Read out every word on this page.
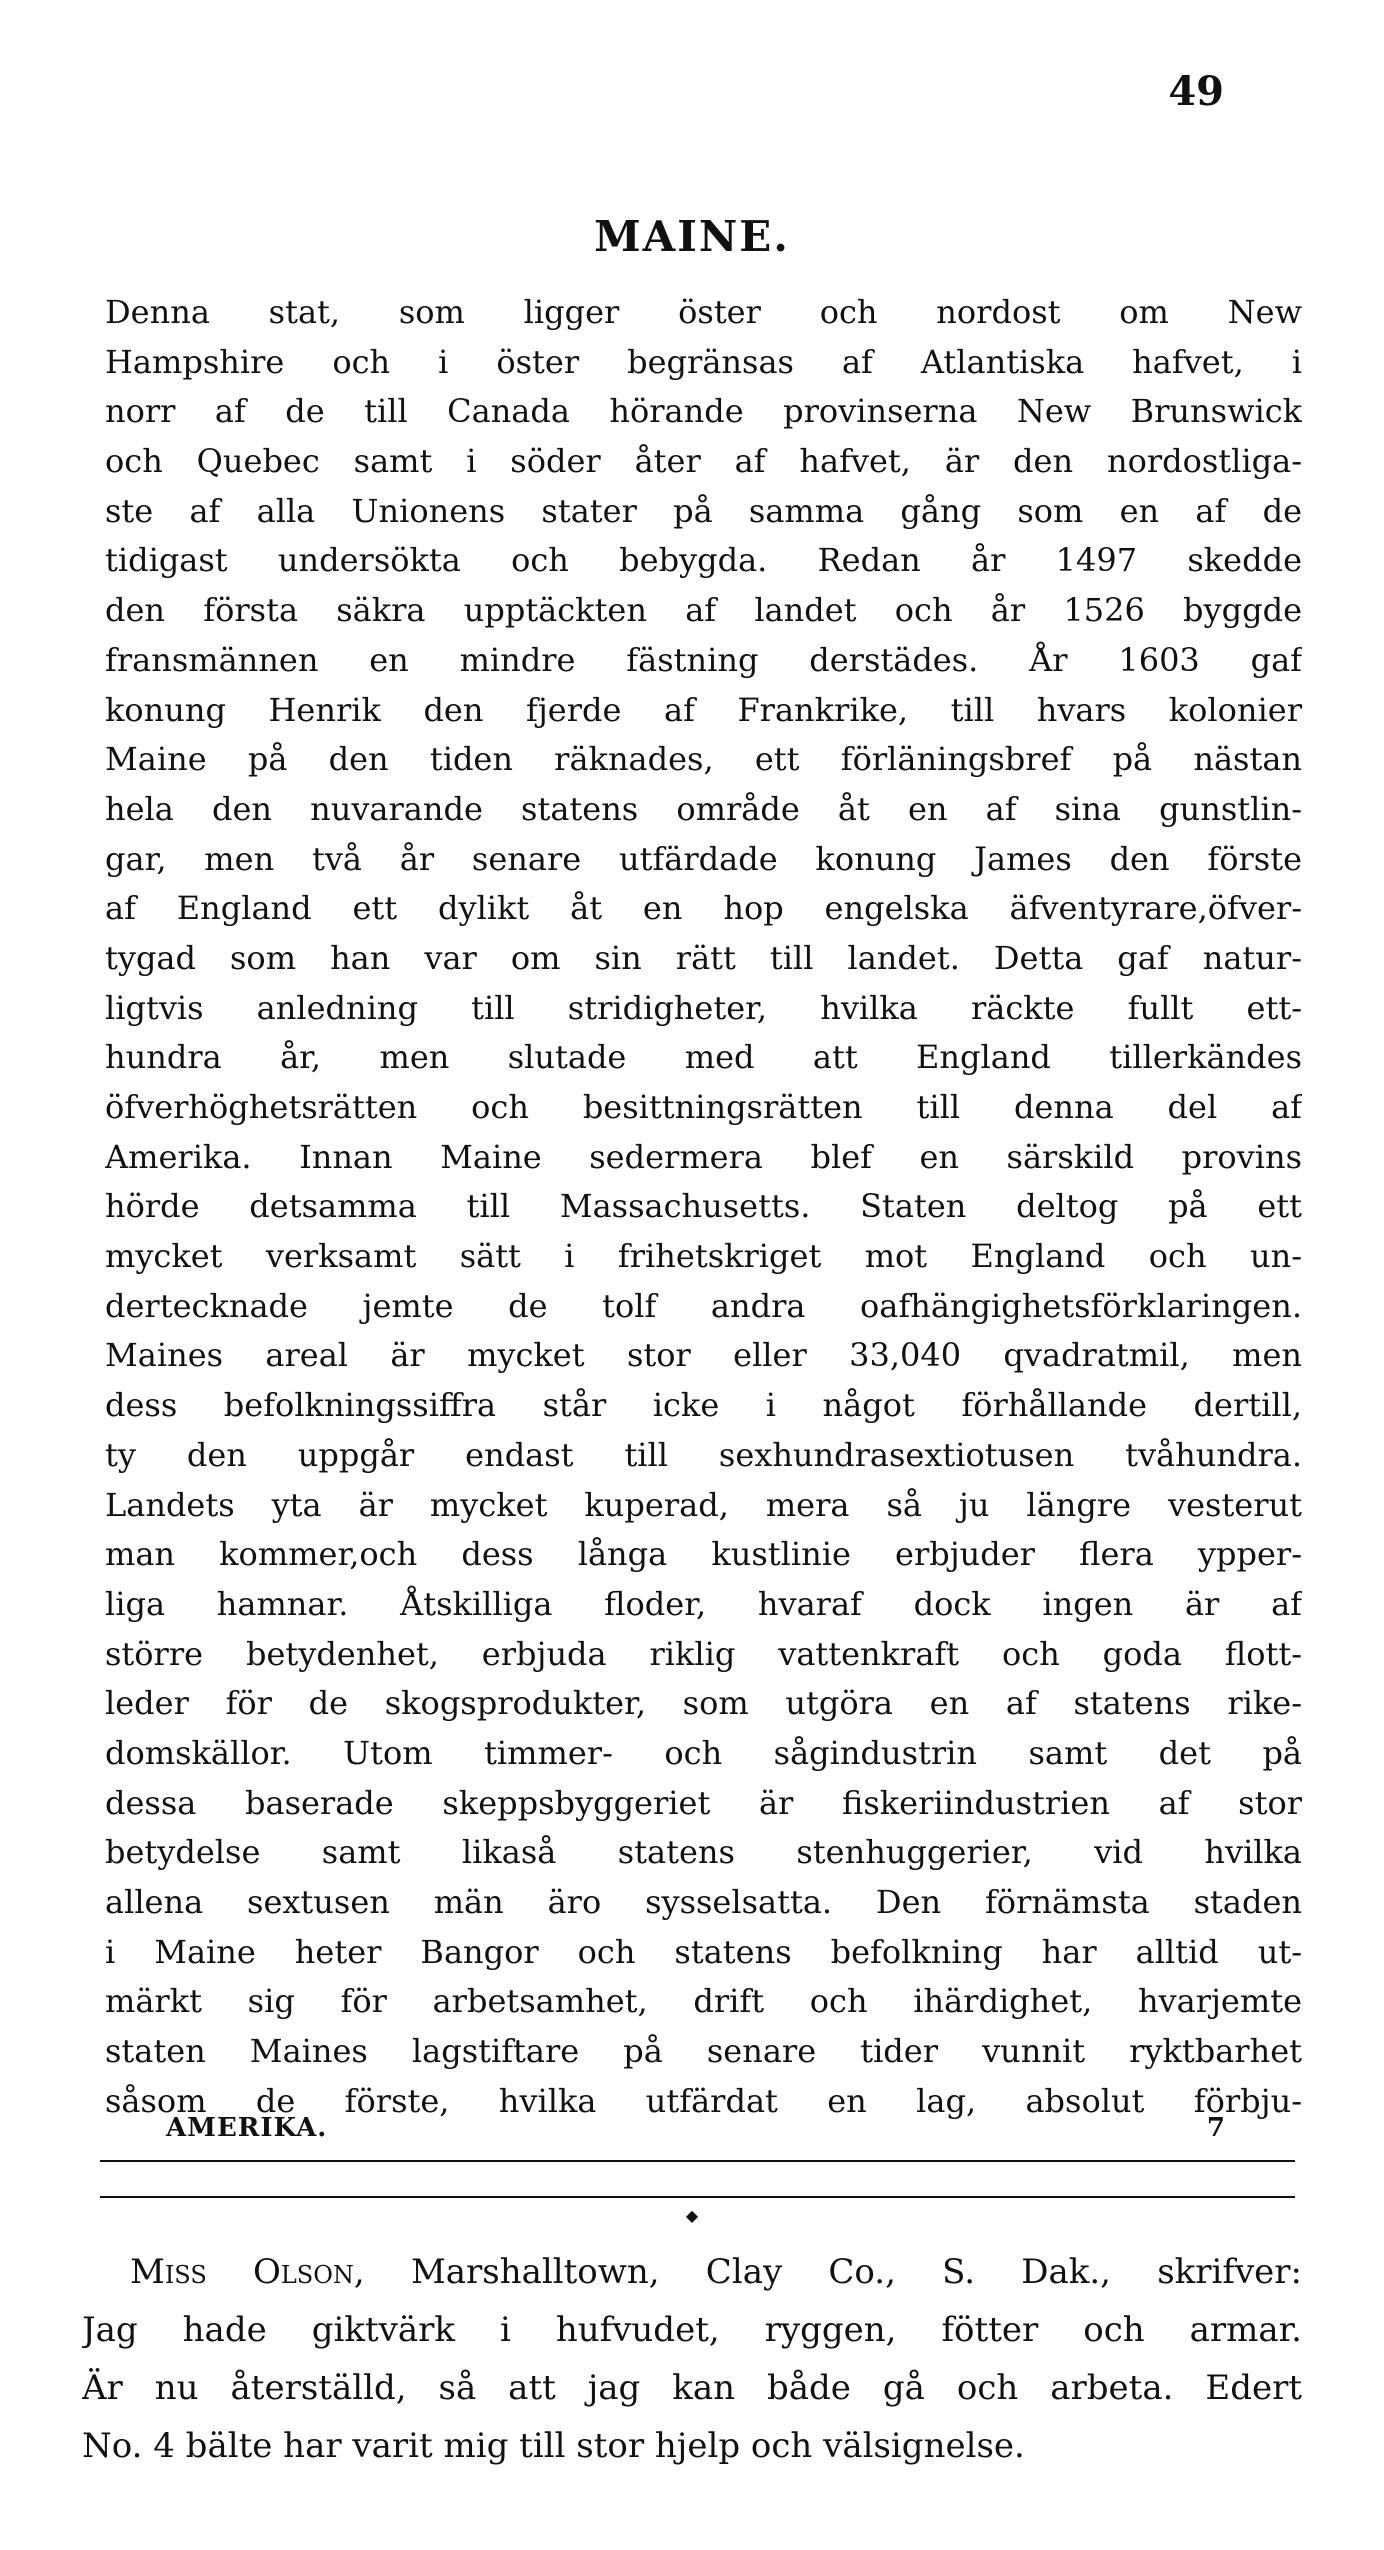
49
MAINE.
Denna stat, som ligger öster och nordost om New
Hampshire och i öster begränsas af Atlantiska hafvet, i
norr af de till Canada hörande provinserna New Brunswick
och Quebec samt i söder åter af hafvet, är den nordostliga-
ste af alla Unionens stater på samma gång som en af de
tidigast undersökta och bebygda. Redan år 1497 skedde
den första säkra upptäckten af landet och år 1526 byggde
fransmännen en mindre fästning derstädes. År 1603 gaf
konung Henrik den fjerde af Frankrike, till hvars kolonier
Maine på den tiden räknades, ett förläningsbref på nästan
hela den nuvarande statens område åt en af sina gunstlin-
gar, men två år senare utfärdade konung James den förste
af England ett dylikt åt en hop engelska äfventyrare,öfver-
tygad som han var om sin rätt till landet. Detta gaf natur-
ligtvis anledning till stridigheter, hvilka räckte fullt ett-
hundra år, men slutade med att England tillerkändes
öfverhöghetsrätten och besittningsrätten till denna del af
Amerika. Innan Maine sedermera blef en särskild provins
hörde detsamma till Massachusetts. Staten deltog på ett
mycket verksamt sätt i frihetskriget mot England och un-
dertecknade jemte de tolf andra oafhängighetsförklaringen.
Maines areal är mycket stor eller 33,040 qvadratmil, men
dess befolkningssiffra står icke i något förhållande dertill,
ty den uppgår endast till sexhundrasextiotusen tvåhundra.
Landets yta är mycket kuperad, mera så ju längre vesterut
man kommer,och dess långa kustlinie erbjuder flera ypper-
liga hamnar. Åtskilliga floder, hvaraf dock ingen är af
större betydenhet, erbjuda riklig vattenkraft och goda flott-
leder för de skogsprodukter, som utgöra en af statens rike-
domskällor. Utom timmer- och sågindustrin samt det på
dessa baserade skeppsbyggeriet är fiskeriindustrien af stor
betydelse samt likaså statens stenhuggerier, vid hvilka
allena sextusen män äro sysselsatta. Den förnämsta staden
i Maine heter Bangor och statens befolkning har alltid ut-
märkt sig för arbetsamhet, drift och ihärdighet, hvarjemte
staten Maines lagstiftare på senare tider vunnit ryktbarhet
såsom de förste, hvilka utfärdat en lag, absolut förbju-
AMERIKA.	7
◆
Miss Olson, Marshalltown, Clay Co., S. Dak., skrifver:
Jag hade giktvärk i hufvudet, ryggen, fötter och armar.
Är nu återställd, så att jag kan både gå och arbeta. Edert
No. 4 bälte har varit mig till stor hjelp och välsignelse.
